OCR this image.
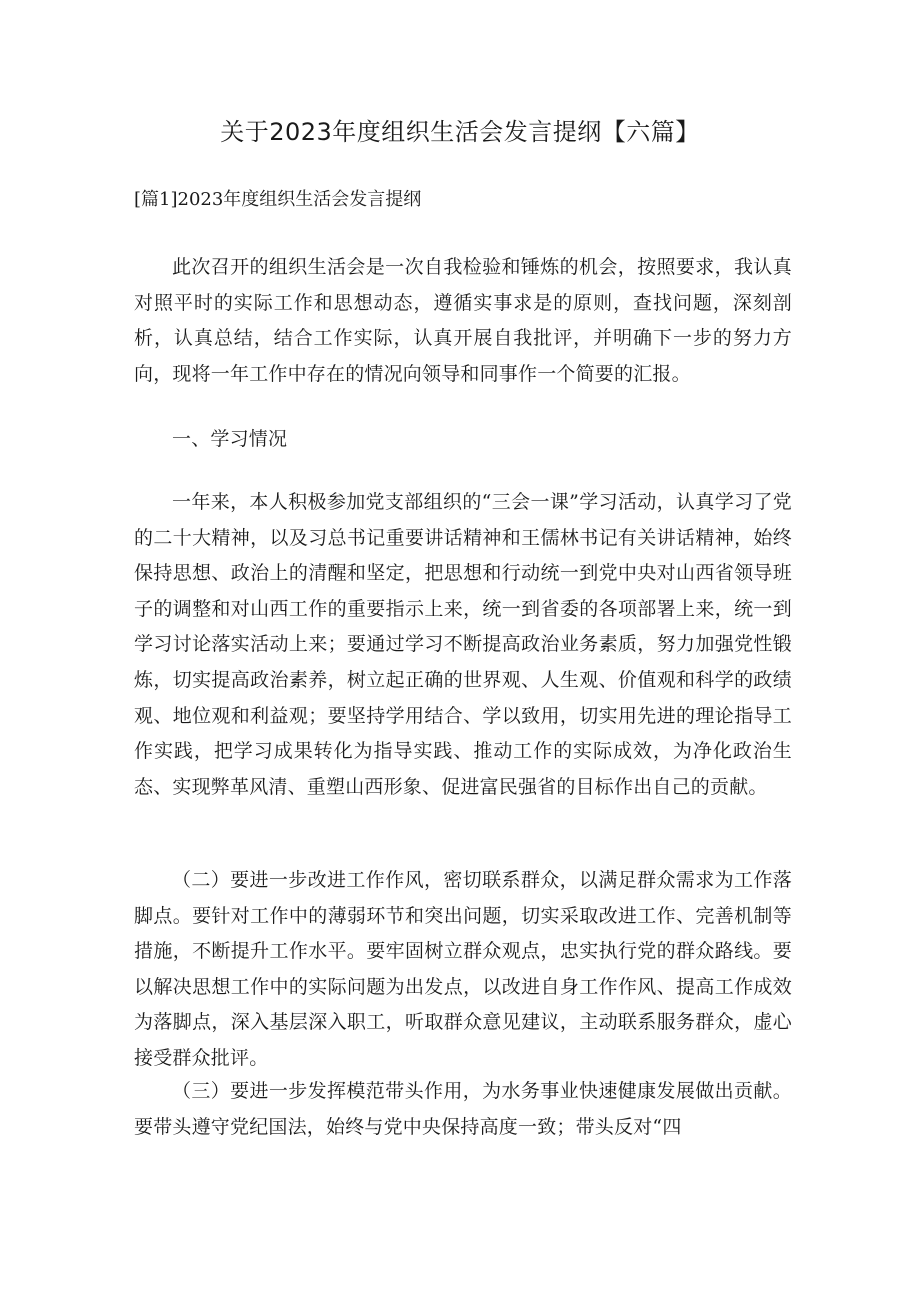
关于2023年度组织生活会发言提纲【六篇】

[篇1]2023年度组织生活会发言提纲

此次召开的组织生活会是一次自我检验和锤炼的机会，按照要求，我认真对照平时的实际工作和思想动态，遵循实事求是的原则，查找问题，深刻剖析，认真总结，结合工作实际，认真开展自我批评，并明确下一步的努力方向，现将一年工作中存在的情况向领导和同事作一个简要的汇报。

一、学习情况

一年来，本人积极参加党支部组织的“三会一课”学习活动，认真学习了党的二十大精神，以及习总书记重要讲话精神和王儒林书记有关讲话精神，始终保持思想、政治上的清醒和坚定，把思想和行动统一到党中央对山西省领导班子的调整和对山西工作的重要指示上来，统一到省委的各项部署上来，统一到学习讨论落实活动上来；要通过学习不断提高政治业务素质，努力加强党性锻炼，切实提高政治素养，树立起正确的世界观、人生观、价值观和科学的政绩观、地位观和利益观；要坚持学用结合、学以致用，切实用先进的理论指导工作实践，把学习成果转化为指导实践、推动工作的实际成效，为净化政治生态、实现弊革风清、重塑山西形象、促进富民强省的目标作出自己的贡献。

（二）要进一步改进工作作风，密切联系群众，以满足群众需求为工作落脚点。要针对工作中的薄弱环节和突出问题，切实采取改进工作、完善机制等措施，不断提升工作水平。要牢固树立群众观点，忠实执行党的群众路线。要以解决思想工作中的实际问题为出发点，以改进自身工作作风、提高工作成效为落脚点，深入基层深入职工，听取群众意见建议，主动联系服务群众，虚心接受群众批评。

（三）要进一步发挥模范带头作用，为水务事业快速健康发展做出贡献。要带头遵守党纪国法，始终与党中央保持高度一致；带头反对“四
